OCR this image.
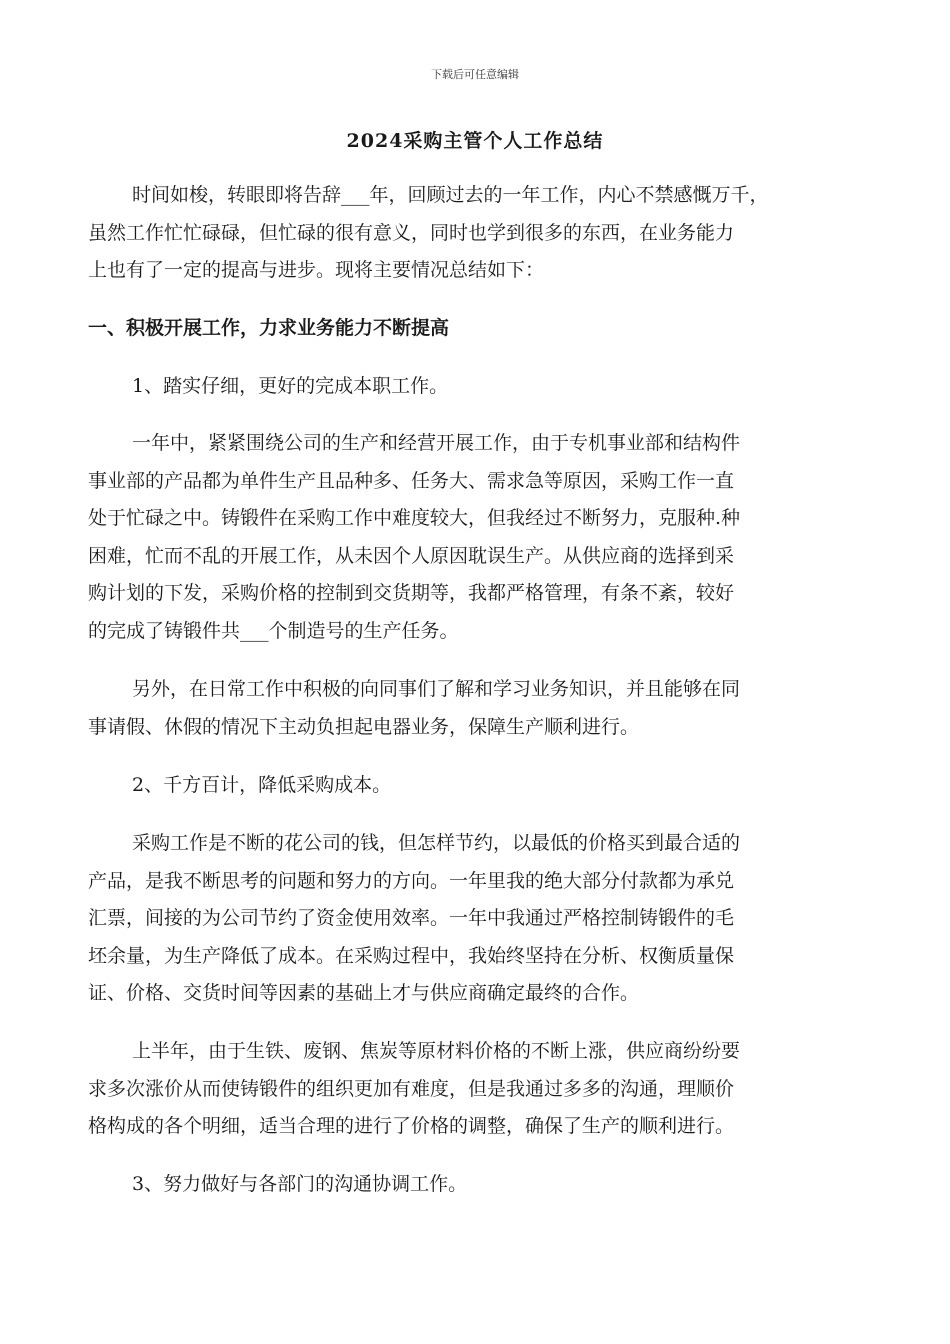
下载后可任意编辑
2024采购主管个人工作总结
时间如梭，转眼即将告辞___年，回顾过去的一年工作，内心不禁感慨万千，
虽然工作忙忙碌碌，但忙碌的很有意义，同时也学到很多的东西，在业务能力
上也有了一定的提高与进步。现将主要情况总结如下：
一、积极开展工作，力求业务能力不断提高
1、踏实仔细，更好的完成本职工作。
一年中，紧紧围绕公司的生产和经营开展工作，由于专机事业部和结构件
事业部的产品都为单件生产且品种多、任务大、需求急等原因，采购工作一直
处于忙碌之中。铸锻件在采购工作中难度较大，但我经过不断努力，克服种.种
困难，忙而不乱的开展工作，从未因个人原因耽误生产。从供应商的选择到采
购计划的下发，采购价格的控制到交货期等，我都严格管理，有条不紊，较好
的完成了铸锻件共___个制造号的生产任务。
另外，在日常工作中积极的向同事们了解和学习业务知识，并且能够在同
事请假、休假的情况下主动负担起电器业务，保障生产顺利进行。
2、千方百计，降低采购成本。
采购工作是不断的花公司的钱，但怎样节约，以最低的价格买到最合适的
产品，是我不断思考的问题和努力的方向。一年里我的绝大部分付款都为承兑
汇票，间接的为公司节约了资金使用效率。一年中我通过严格控制铸锻件的毛
坯余量，为生产降低了成本。在采购过程中，我始终坚持在分析、权衡质量保
证、价格、交货时间等因素的基础上才与供应商确定最终的合作。
上半年，由于生铁、废钢、焦炭等原材料价格的不断上涨，供应商纷纷要
求多次涨价从而使铸锻件的组织更加有难度，但是我通过多多的沟通，理顺价
格构成的各个明细，适当合理的进行了价格的调整，确保了生产的顺利进行。
3、努力做好与各部门的沟通协调工作。
